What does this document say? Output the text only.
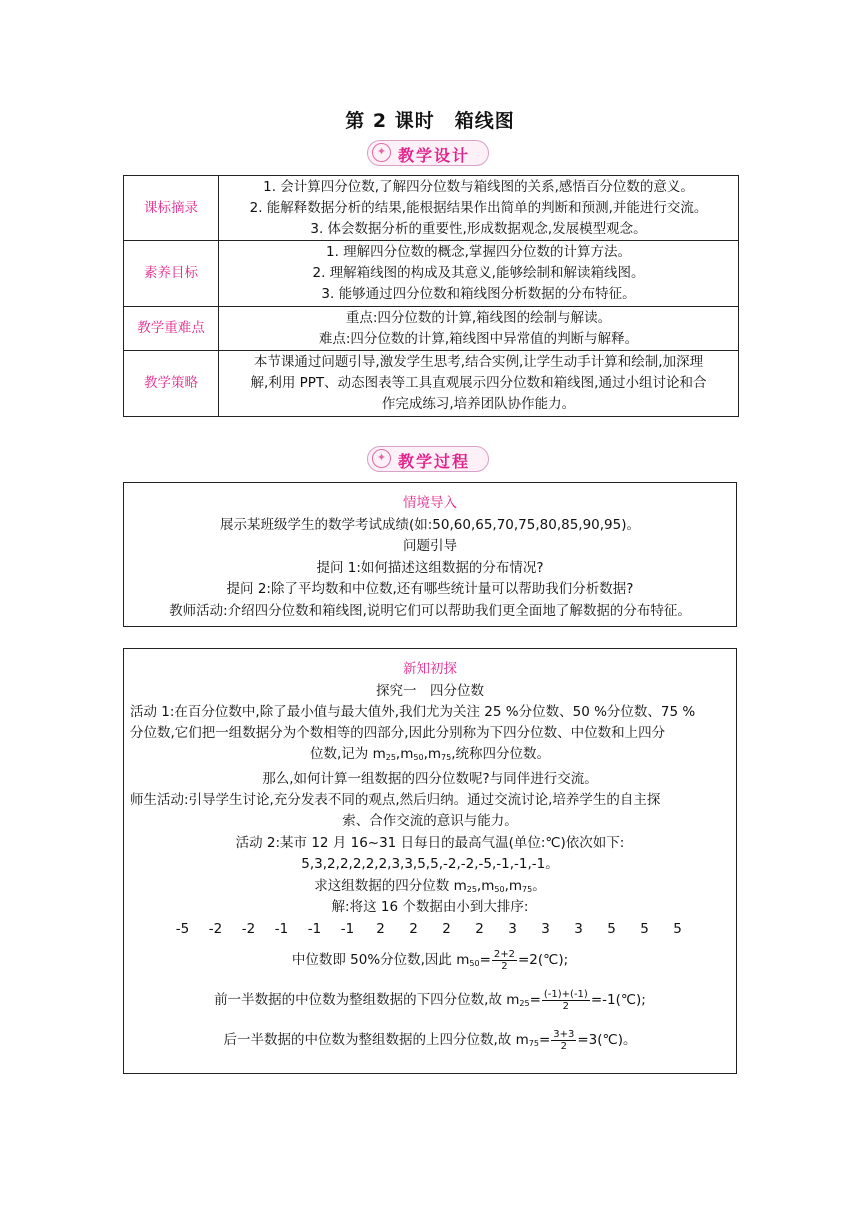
第 2 课时　箱线图
✦ 教学设计
课标摘录	1. 会计算四分位数,了解四分位数与箱线图的关系,感悟百分位数的意义。
2. 能解释数据分析的结果,能根据结果作出简单的判断和预测,并能进行交流。
3. 体会数据分析的重要性,形成数据观念,发展模型观念。

素养目标	1. 理解四分位数的概念,掌握四分位数的计算方法。
2. 理解箱线图的构成及其意义,能够绘制和解读箱线图。
3. 能够通过四分位数和箱线图分析数据的分布特征。

教学重难点	重点:四分位数的计算,箱线图的绘制与解读。
难点:四分位数的计算,箱线图中异常值的判断与解释。

教学策略	本节课通过问题引导,激发学生思考,结合实例,让学生动手计算和绘制,加深理
解,利用 PPT、动态图表等工具直观展示四分位数和箱线图,通过小组讨论和合
作完成练习,培养团队协作能力。
✦ 教学过程
情境导入
展示某班级学生的数学考试成绩(如:50,60,65,70,75,80,85,90,95)。
问题引导
提问 1:如何描述这组数据的分布情况?
提问 2:除了平均数和中位数,还有哪些统计量可以帮助我们分析数据?
教师活动:介绍四分位数和箱线图,说明它们可以帮助我们更全面地了解数据的分布特征。
新知初探
探究一　四分位数
活动 1:在百分位数中,除了最小值与最大值外,我们尤为关注 25 %分位数、50 %分位数、75 %
分位数,它们把一组数据分为个数相等的四部分,因此分别称为下四分位数、中位数和上四分
位数,记为 $m_{25},m_{50},m_{75}$,统称四分位数。
那么,如何计算一组数据的四分位数呢?与同伴进行交流。
师生活动:引导学生讨论,充分发表不同的观点,然后归纳。通过交流讨论,培养学生的自主探
索、合作交流的意识与能力。
活动 2:某市 12 月 16~31 日每日的最高气温(单位:℃)依次如下:
5,3,2,2,2,2,2,3,3,5,5,-2,-2,-5,-1,-1,-1。
求这组数据的四分位数 $m_{25},m_{50},m_{75}$。
解:将这 16 个数据由小到大排序:
-5 -2 -2 -1 -1 -1 2 2 2 2 3 3 3 5 5 5
中位数即 50%分位数,因此 $m_{50}= \frac{2+2}{2}$ =2(℃);
前一半数据的中位数为整组数据的下四分位数,故 $m_{25}= \frac{(-1)+(-1)}{2}$ =-1(℃);
后一半数据的中位数为整组数据的上四分位数,故 $m_{75}= \frac{3+3}{2}$ =3(℃)。
